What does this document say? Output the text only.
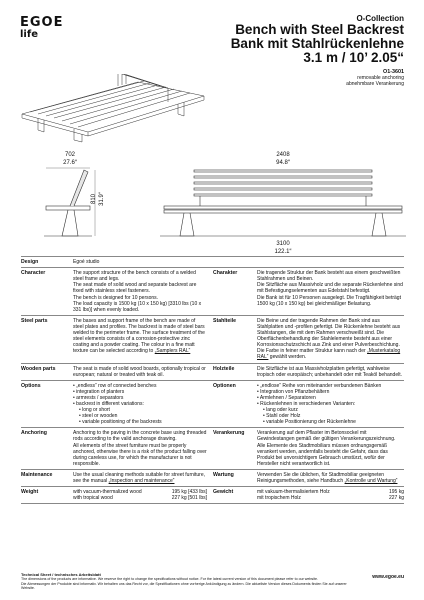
EGOE
life
O-Collection
Bench with Steel Backrest
Bank mit Stahlrückenlehne
3.1 m / 10’ 2.05“
O1-3601
removable anchoring
abnehmbare Verankerung
702
27.6“
810 31.9“
2408
94.8“
3100
122.1“
Design	Egoé studio
Character	The support structure of the bench consists of a welded steel frame and legs.

The seat made of solid wood and separate backrest are fixed with stainless steel fasteners.

The bench is designed for 10 persons.

The load capacity is 1500 kg (10 x 150 kg) [3310 lbs (10 x 331 lbs)] when evenly loaded.

Charakter	Die tragende Struktur der Bank besteht aus einem geschweißten Stahlrahmen und Beinen.

Die Sitzfläche aus Massivholz und die separate Rückenlehne sind mit Befestigungselementen aus Edelstahl befestigt.

Die Bank ist für 10 Personen ausgelegt. Die Tragfähigkeit beträgt 1500 kg (10 x 150 kg) bei gleichmäßiger Belastung.

Steel parts	The bases and support frame of the bench are made of steel plates and profiles. The backrest is made of steel bars welded to the perimeter frame. The surface treatment of the steel elements consists of a corrosion-protective zinc coating and a powder coating. The colour in a fine matt texture can be selected according to „Samplers RAL“
Stahlteile	Die Beine und der tragende Rahmen der Bank sind aus Stahlplatten und -profilen gefertigt. Die Rückenlehne besteht aus Stahlstangen, die mit dem Rahmen verschweißt sind. Die Oberflächenbehandlung der Stahlelemente besteht aus einer Korrosionsschutzschicht aus Zink und einer Pulverbeschichtung. Die Farbe in feiner matter Struktur kann nach der „Musterkatalog RAL“ gewählt werden.
Wooden parts	The seat is made of solid wood boards, optionally tropical or european; natural or treated with teak oil.
Holzteile	Die Sitzfläche ist aus Massivholzplatten gefertigt, wahlweise tropisch oder europäisch; unbehandelt oder mit Teaköl behandelt.
Options	• „endless“ row of connected benches
• integration of planters
• armrests / separators
• backrest in different variations:
• long or short
• steel or wooden
• variable positioning of the backrests
Optionen	• „endlose“ Reihe von miteinander verbundenen Bänken
• Integration von Pflanzbehältern
• Armlehnen / Separatoren
• Rückenlehnen in verschiedenen Varianten:
• lang oder kurz
• Stahl oder Holz
• variable Positionierung der Rückenlehne
Anchoring	Anchoring to the paving in the concrete base using threaded rods according to the valid anchorage drawing.

All elements of the street furniture must be properly anchored, otherwise there is a risk of the product falling over during careless use, for which the manufacturer is not responsible.

Verankerung	Verankerung auf dem Pflaster im Betonsockel mit Gewindestangen gemäß der gültigen Verankerungszeichnung.

Alle Elemente des Stadtmobiliars müssen ordnungsgemäß verankert werden, andernfalls besteht die Gefahr, dass das Produkt bei unvorsichtigem Gebrauch umstürzt, wofür der Hersteller nicht verantwortlich ist.

Maintenance	Use the usual cleaning methods suitable for street furniture, see the manual „Inspection and maintenance“
Wartung	Verwenden Sie die üblichen, für Stadtmobiliar geeigneten Reinigungsmethoden, siehe Handbuch „Kontrolle und Wartung“
Weight	with vacuum-thermalized wood	195 kg [433 lbs]
with tropical wood	227 kg [501 lbs]
Gewicht	mit vakuum-thermalisiertem Holz	195 kg
mit tropischem Holz	227 kg
Technical Sheet / technisches Arbeitsblatt
The dimensions of the products are informative. We reserve the right to change the specifications without notice. For the latest current version of this document please refer to our website.
Die Abmessungen der Produkte sind informativ. Wir behalten uns das Recht vor, die Spezifikationen ohne vorherige Ankündigung zu ändern. Die aktuellste Version dieses Dokuments finden Sie auf unserer Website.
www.egoe.eu
